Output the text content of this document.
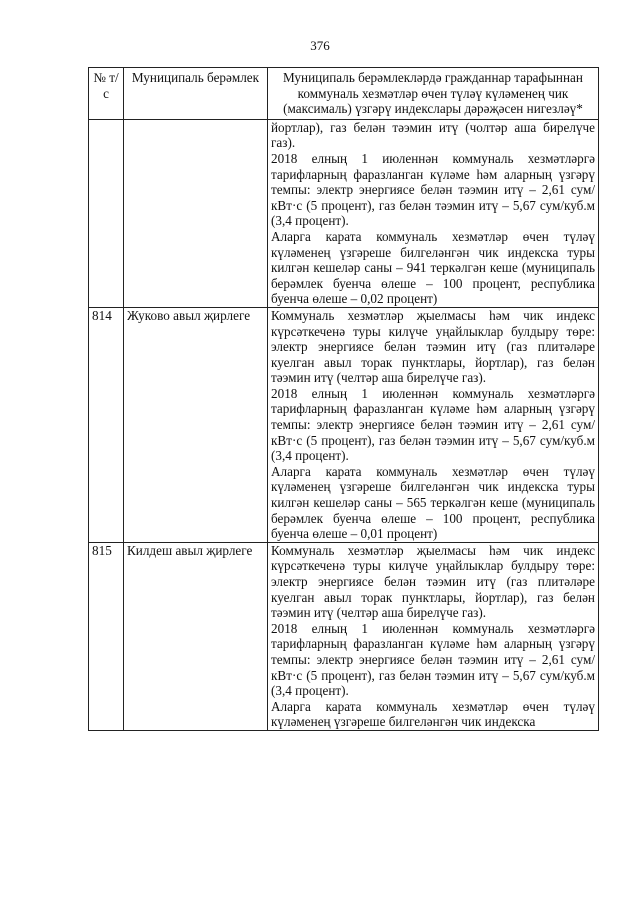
376
№ т/с	Муниципаль берәмлек	Муниципаль берәмлекләрдә гражданнар тарафыннан коммуналь хезмәтләр өчен түләү күләменең чик (максималь) үзгәрү индекслары дәрәҗәсен нигезләү*

		йортлар), газ белән тәэмин итү (чолтәр аша бирелүче газ).

2018 елның 1 июленнән коммуналь хезмәтләргә тарифларның фаразланган күләме һәм аларның үзгәрү темпы: электр энергиясе белән тәэмин итү – 2,61 сум/кВт·с (5 процент), газ белән тәэмин итү – 5,67 сум/куб.м (3,4 процент).

Аларга карата коммуналь хезмәтләр өчен түләү күләменең үзгәреше билгеләнгән чик индекска туры килгән кешеләр саны – 941 теркәлгән кеше (муниципаль берәмлек буенча өлеше – 100 процент, республика буенча өлеше – 0,02 процент)

814	Жуково авыл җирлеге	Коммуналь хезмәтләр җыелмасы һәм чик индекс күрсәткеченә туры килүче уңайлыклар булдыру төре: электр энергиясе белән тәэмин итү (газ плитәләре куелган авыл торак пунктлары, йортлар), газ белән тәэмин итү (челтәр аша бирелүче газ).

2018 елның 1 июленнән коммуналь хезмәтләргә тарифларның фаразланган күләме һәм аларның үзгәрү темпы: электр энергиясе белән тәэмин итү – 2,61 сум/кВт·с (5 процент), газ белән тәэмин итү – 5,67 сум/куб.м (3,4 процент).

Аларга карата коммуналь хезмәтләр өчен түләү күләменең үзгәреше билгеләнгән чик индекска туры килгән кешеләр саны – 565 теркәлгән кеше (муниципаль берәмлек буенча өлеше – 100 процент, республика буенча өлеше – 0,01 процент)

815	Килдеш авыл җирлеге	Коммуналь хезмәтләр җыелмасы һәм чик индекс күрсәткеченә туры килүче уңайлыклар булдыру төре: электр энергиясе белән тәэмин итү (газ плитәләре куелган авыл торак пунктлары, йортлар), газ белән тәэмин итү (челтәр аша бирелүче газ).

2018 елның 1 июленнән коммуналь хезмәтләргә тарифларның фаразланган күләме һәм аларның үзгәрү темпы: электр энергиясе белән тәэмин итү – 2,61 сум/кВт·с (5 процент), газ белән тәэмин итү – 5,67 сум/куб.м (3,4 процент).

Аларга карата коммуналь хезмәтләр өчен түләү күләменең үзгәреше билгеләнгән чик индекска
